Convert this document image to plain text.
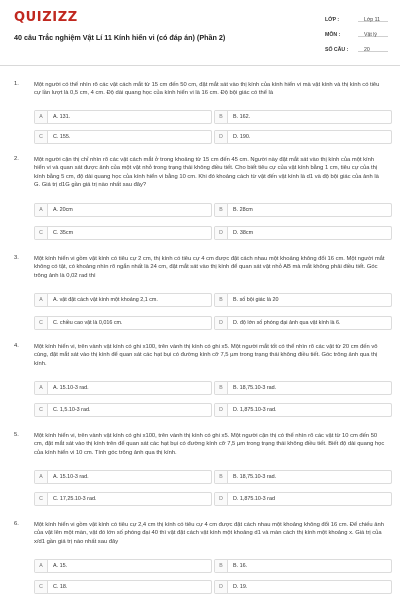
QUIZIZZ
40 câu Trắc nghiệm Vật Lí 11 Kính hiển vi (có đáp án) (Phần 2)
LỚP :	Lớp 11
MÔN :	Vật lý
SỐ CÂU :	20
1.	Một người có thể nhìn rõ các vật cách mắt từ 15 cm đến 50 cm, đặt mắt sát vào thị kính của kính hiển vi mà vật kính và thị kính có tiêu cự lần lượt là 0,5 cm, 4 cm. Độ dài quang học của kính hiển vi là 16 cm. Độ bội giác có thể là
A	A. 131.	B	B. 162.
C	C. 155.	D	D. 190.
2.	Một người cận thị chỉ nhìn rõ các vật cách mắt ở trong khoảng từ 15 cm đến 45 cm. Người này đặt mắt sát vào thị kính của một kính hiển vi và quan sát được ảnh của một vật nhỏ trong trạng thái không điều tiết. Cho biết tiêu cự của vật kính bằng 1 cm, tiêu cự của thị kính bằng 5 cm, độ dài quang học của kính hiển vi bằng 10 cm. Khi đó khoảng cách từ vật đến vật kính là d1 và độ bội giác của ảnh là G. Giá trị d1G gần giá trị nào nhất sau đây?
A	A. 20cm	B	B. 28cm
C	C. 35cm	D	D. 38cm
3.	Một kính hiển vi gồm vật kính có tiêu cự 2 cm, thị kính có tiêu cự 4 cm được đặt cách nhau một khoảng không đổi 16 cm. Một người mắt không có tật, có khoảng nhìn rõ ngắn nhất là 24 cm, đặt mắt sát vào thị kính để quan sát vật nhỏ AB mà mắt không phải điều tiết. Góc trông ảnh là 0,02 rad thì
A	A. vật đặt cách vật kính một khoảng 2,1 cm.	B	B. số bội giác là 20
C	C. chiều cao vật là 0,016 cm.	D	D. độ lớn số phóng đại ảnh qua vật kính là 6.
4.	Một kính hiển vi, trên vành vật kính có ghi x100, trên vành thị kính có ghi x5. Một người mắt tốt có thể nhìn rõ các vật từ 20 cm đến vô cùng, đặt mắt sát vào thị kính để quan sát các hạt bụi có đường kính cỡ 7,5 µm trong trạng thái không điều tiết. Góc trông ảnh qua thị kính.
A	A. 15.10-3 rad.	B	B. 18,75.10-3 rad.
C	C. 1,5.10-3 rad.	D	D. 1,875.10-3 rad.
5.	Một kính hiển vi, trên vành vật kính có ghi x100, trên vành thị kính có ghi x5. Một người cận thị có thể nhìn rõ các vật từ 10 cm đến 50 cm, đặt mắt sát vào thị kính trên để quan sát các hạt bụi có đường kính cỡ 7,5 µm trong trạng thái không điều tiết. Biết độ dài quang học của kính hiển vi 10 cm. Tính góc trông ảnh qua thị kính.
A	A. 15.10-3 rad.	B	B. 18,75.10-3 rad.
C	C. 17,25.10-3 rad.	D	D. 1,875.10-3 rad
6.	Một kính hiển vi gồm vật kính có tiêu cự 2,4 cm thị kính có tiêu cự 4 cm được đặt cách nhau một khoảng không đổi 16 cm. Để chiếu ảnh của vật lên một màn, vật đó lớn số phóng đại 40 thì vật đặt cách vật kính một khoảng d1 và màn cách thị kính một khoảng x. Giá trị của x/d1 gần giá trị nào nhất sau đây
A	A. 15.	B	B. 16.
C	C. 18.	D	D. 19.
